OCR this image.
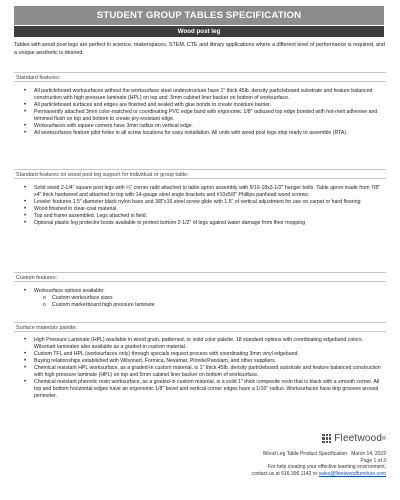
STUDENT GROUP TABLES SPECIFICATION
Wood post leg

Tables with wood post legs are perfect in science, makerspaces, STEM, CTE and library applications where a different level of performance is required, and a unique aesthetic is desired.

Standard features:
• All particleboard worksurfaces without the worksurface steel understructure have 1" thick 45lb. density particleboard substrate and feature balanced construction with high pressure laminate (HPL) on top and .5mm cabinet liner backer on bottom of worksurface.
• All particleboard surfaces and edges are finished and sealed with glue bonds to create moisture barrier.
• Permanently attached 3mm color-matched or coordinating PVC edge band with ergonomic 1/8" radiused top edge bonded with hot-melt adhesive and trimmed flush on top and bottom to create pry-resistant edge.
• Worksurfaces with square corners have 3mm radius on vertical edge.
• All worksurfaces feature pilot holes in all screw locations for easy installation. All units with wood post legs ship ready to assemble (RTA).
Standard features on wood post leg support for individual or group table:
• Solid wood 2-1/4" square post legs with ¼" corner radii attached to table apron assembly with 5/16-18x3-1/2" hanger bolts. Table apron made from 7/8" x4" thick hardwood and attached to top with 14-gauge steel angle brackets and #10x5/8" Phillips panhead wood screws.
• Leveler features 1.5" diameter black nylon base and 3/8"x16 steel screw glide with 1.5" of vertical adjustment for use on carpet or hard flooring
• Wood finished in clear-coat material
• Top and frame assembled. Legs attached in field.
• Optional plastic leg protector boots available to protect bottom 2-1/2" of legs against water damage from floor mopping
Custom features:
• Worksurface options available:
o Custom worksurface sizes
o Custom markerboard high pressure laminate
Surface materials palette:
• High Pressure Laminate (HPL) available in wood grain, patterned, or solid color palette. 18 standard options with coordinating edgeband colors. Wilsonart laminates also available as a graded-in custom material.
• Custom TFL and HPL (worksurfaces only) through specials request process with coordinating 3mm vinyl edgeband.
• Buying relationships established with Wilsonart, Formica, Nevamar, Pionite/Panolam, and other suppliers.
• Chemical resistant HPL worksurface, as a graded-in custom material, is 1" thick 45lb. density particleboard substrate and feature balanced construction with high pressure laminate (HPL) on top and 5mm cabinet liner backer on bottom of worksurface.
• Chemical resistant phenolic resin worksurface, as a graded-in custom material, is a solid 1" thick composite resin that is black with a smooth corner. All top and bottom horizontal edges have an ergonomic 1/8" bevel and vertical corner edges have a 1/16" radius. Worksurfaces have drip grooves around perimeter.
Fleetwood R
Wood Leg Table Product Specification March 14, 2022
Page 1 of 2
For help creating your effective learning environment,
contact us at 616.396.1142 or sales@fleetwoodfurniture.com
